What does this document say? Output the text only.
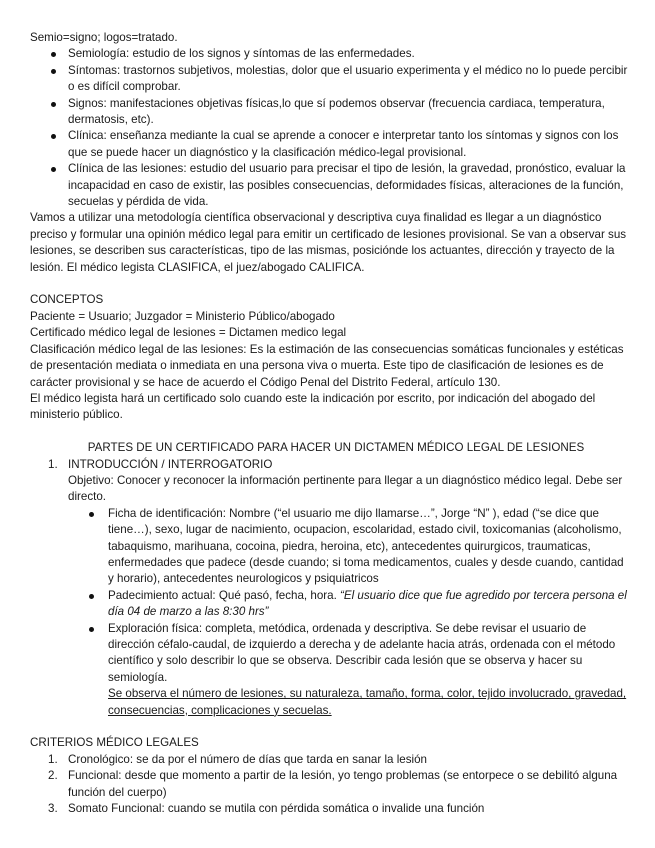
Semio=signo; logos=tratado.

Semiología: estudio de los signos y síntomas de las enfermedades.
Síntomas: trastornos subjetivos, molestias, dolor que el usuario experimenta y el médico no lo puede percibir o es difícil comprobar.
Signos: manifestaciones objetivas físicas,lo que sí podemos observar (frecuencia cardiaca, temperatura, dermatosis, etc).
Clínica: enseñanza mediante la cual se aprende a conocer e interpretar tanto los síntomas y signos con los que se puede hacer un diagnóstico y la clasificación médico-legal provisional.
Clínica de las lesiones: estudio del usuario para precisar el tipo de lesión, la gravedad, pronóstico, evaluar la incapacidad en caso de existir, las posibles consecuencias, deformidades físicas, alteraciones de la función, secuelas y pérdida de vida.

Vamos a utilizar una metodología científica observacional y descriptiva cuya finalidad es llegar a un diagnóstico preciso y formular una opinión médico legal para emitir un certificado de lesiones provisional. Se van a observar sus lesiones, se describen sus características, tipo de las mismas, posiciónde los actuantes, dirección y trayecto de la lesión. El médico legista CLASIFICA, el juez/abogado CALIFICA.

CONCEPTOS

Paciente = Usuario; Juzgador = Ministerio Público/abogado

Certificado médico legal de lesiones = Dictamen medico legal

Clasificación médico legal de las lesiones: Es la estimación de las consecuencias somáticas funcionales y estéticas de presentación mediata o inmediata en una persona viva o muerta. Este tipo de clasificación de lesiones es de carácter provisional y se hace de acuerdo el Código Penal del Distrito Federal, artículo 130.

El médico legista hará un certificado solo cuando este la indicación por escrito, por indicación del abogado del ministerio público.

PARTES DE UN CERTIFICADO PARA HACER UN DICTAMEN MÉDICO LEGAL DE LESIONES

1. INTRODUCCIÓN / INTERROGATORIO

Objetivo: Conocer y reconocer la información pertinente para llegar a un diagnóstico médico legal. Debe ser directo.

Ficha de identificación: Nombre (“el usuario me dijo llamarse…”, Jorge “N” ), edad (“se dice que tiene…), sexo, lugar de nacimiento, ocupacion, escolaridad, estado civil, toxicomanias (alcoholismo, tabaquismo, marihuana, cocoina, piedra, heroina, etc), antecedentes quirurgicos, traumaticas, enfermedades que padece (desde cuando; si toma medicamentos, cuales y desde cuando, cantidad y horario), antecedentes neurologicos y psiquiatricos
Padecimiento actual: Qué pasó, fecha, hora. “El usuario dice que fue agredido por tercera persona el día 04 de marzo a las 8:30 hrs”
Exploración física: completa, metódica, ordenada y descriptiva. Se debe revisar el usuario de dirección céfalo-caudal, de izquierdo a derecha y de adelante hacia atrás, ordenada con el método científico y solo describir lo que se observa. Describir cada lesión que se observa y hacer su semiología.
Se observa el número de lesiones, su naturaleza, tamaño, forma, color, tejido involucrado, gravedad, consecuencias, complicaciones y secuelas.

CRITERIOS MÉDICO LEGALES

1. Cronológico: se da por el número de días que tarda en sanar la lesión
2. Funcional: desde que momento a partir de la lesión, yo tengo problemas (se entorpece o se debilitó alguna función del cuerpo)
3. Somato Funcional: cuando se mutila con pérdida somática o invalide una función
